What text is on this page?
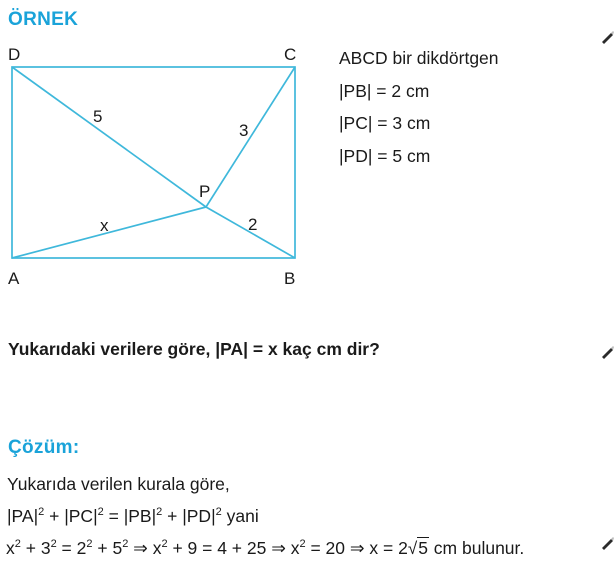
ÖRNEK
D	C
A	B
P
5
3
x	2
ABCD bir dikdörtgen
|PB| = 2 cm
|PC| = 3 cm
|PD| = 5 cm
Yukarıdaki verilere göre, |PA| = x kaç cm dir?
Çözüm:
Yukarıda verilen kurala göre,
$|PA|^2 + |PC|^2 = |PB|^2 + |PD|^2$ yani
$x^2 + 3^2 = 2^2 + 5^2$ ⇒ $x^2 + 9 = 4 + 25$ ⇒ $x^2 = 20$ ⇒ x = 2√5 cm bulunur.
